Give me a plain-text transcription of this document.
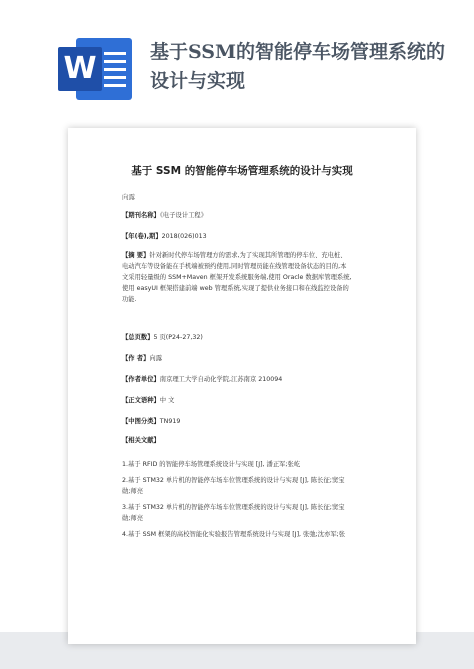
W	基于SSM的智能停车场管理系统的设计与实现
基于 SSM 的智能停车场管理系统的设计与实现
向露
【期刊名称】《电子设计工程》
【年(卷),期】2018(026)013
【摘 要】针对新时代停车场管理方的需求,为了实现其所管理的停车位、充电桩、
电动汽车等设备能在手机端被预约使用,同时管理员能在线管理设备状态的目的,本
文采用轻量级的 SSM+Maven 框架开发系统服务端,使用 Oracle 数据库管理系统,
使用 easyUI 框架搭建前端 web 管理系统,实现了提供业务接口和在线监控设备的
功能.
【总页数】5 页(P24-27,32)
【作 者】向露
【作者单位】南京理工大学自动化学院,江苏南京 210094
【正文语种】中 文
【中图分类】TN919
【相关文献】
1.基于 RFID 的智能停车场管理系统设计与实现 [J], 潘正军;张屹
2.基于 STM32 单片机的智能停车场车位管理系统的设计与实现 [J], 陈长征;窦宝
勋;师亮
3.基于 STM32 单片机的智能停车场车位管理系统的设计与实现 [J], 陈长征;窦宝
勋;师亮
4.基于 SSM 框架的高校智能化实验报告管理系统设计与实现 [J], 张弛;沈亦军;张
